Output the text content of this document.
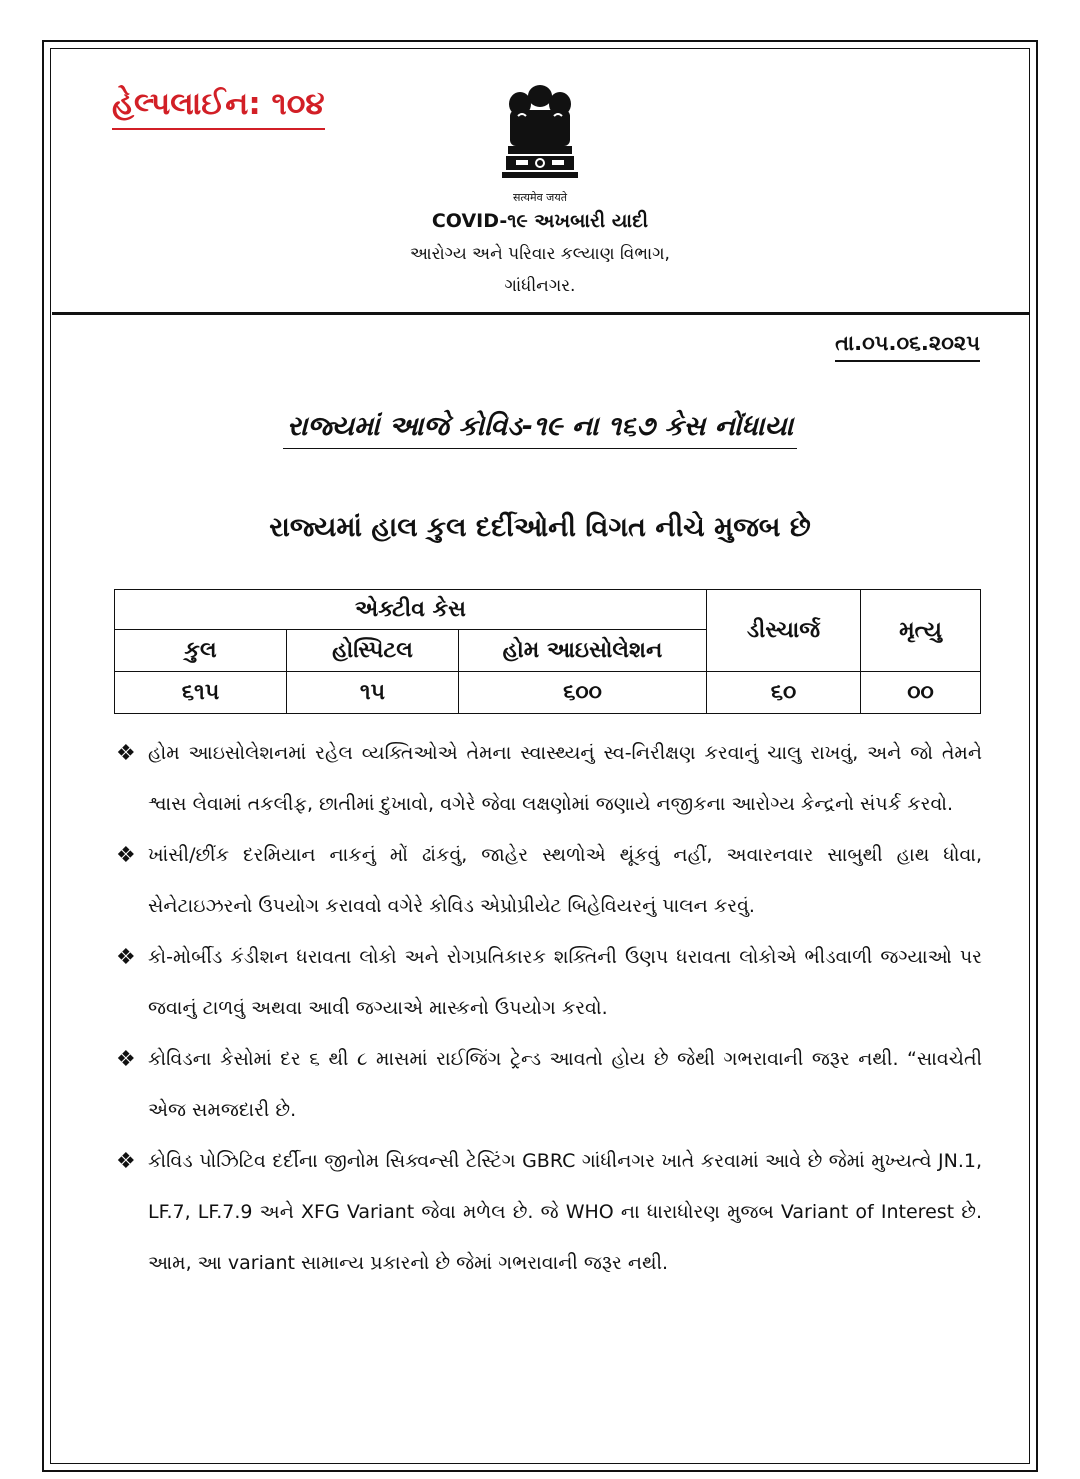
હેલ્પલાઈન: ૧૦૪
सत्यमेव जयते
COVID-૧૯ અખબારી યાદી
આરોગ્ય અને પરિવાર કલ્યાણ વિભાગ,
ગાંધીનગર.
તા.૦૫.૦૬.૨૦૨૫
રાજ્યમાં આજે કોવિડ-૧૯ ના ૧૬૭ કેસ નોંધાયા
રાજ્યમાં હાલ કુલ દર્દીઓની વિગત નીચે મુજબ છે
એક્ટીવ કેસ			ડીસ્ચાર્જ	મૃત્યુ
કુલ	હોસ્પિટલ	હોમ આઇસોલેશન		
૬૧૫	૧૫	૬૦૦	૬૦	૦૦
❖ હોમ આઇસોલેશનમાં રહેલ વ્યક્તિઓએ તેમના સ્વાસ્થ્યનું સ્વ-નિરીક્ષણ કરવાનું ચાલુ રાખવું, અને જો તેમને શ્વાસ લેવામાં તકલીફ, છાતીમાં દુખાવો, વગેરે જેવા લક્ષણોમાં જણાયે નજીકના આરોગ્ય કેન્દ્રનો સંપર્ક કરવો.
❖ ખાંસી/છીંક દરમિયાન નાકનું મોં ઢાંકવું, જાહેર સ્થળોએ થૂંકવું નહીં, અવારનવાર સાબુથી હાથ ધોવા, સેનેટાઇઝરનો ઉપયોગ કરાવવો વગેરે કોવિડ એપ્રોપ્રીયેટ બિહેવિયરનું પાલન કરવું.
❖ કો-મોર્બીડ કંડીશન ધરાવતા લોકો અને રોગપ્રતિકારક શક્તિની ઉણપ ધરાવતા લોકોએ ભીડવાળી જગ્યાઓ પર જવાનું ટાળવું અથવા આવી જગ્યાએ માસ્કનો ઉપયોગ કરવો.
❖ કોવિડના કેસોમાં દર ૬ થી ૮ માસમાં રાઈજિંગ ટ્રેન્ડ આવતો હોય છે જેથી ગભરાવાની જરૂર નથી. “સાવચેતી એજ સમજદારી છે.
❖ કોવિડ પોઝિટિવ દર્દીના જીનોમ સિક્વન્સી ટેસ્ટિંગ GBRC ગાંધીનગર ખાતે કરવામાં આવે છે જેમાં મુખ્યત્વે JN.1, LF.7, LF.7.9 અને XFG Variant જેવા મળેલ છે. જે WHO ના ધારાધોરણ મુજબ Variant of Interest છે. આમ, આ variant સામાન્ય પ્રકારનો છે જેમાં ગભરાવાની જરૂર નથી.
